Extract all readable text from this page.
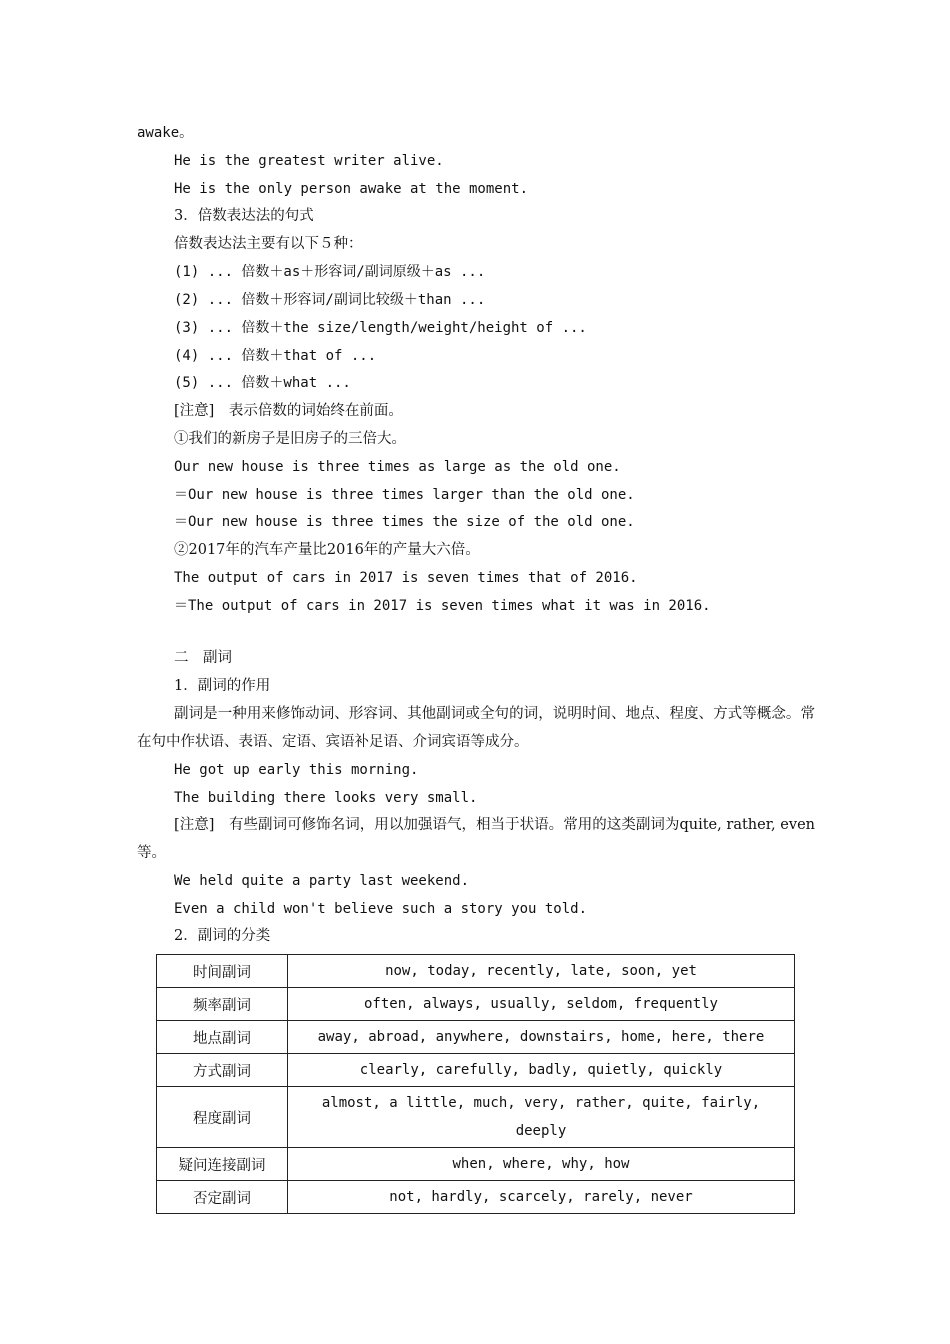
awake。
He is the greatest writer alive.
He is the only person awake at the moment.
3．倍数表达法的句式
倍数表达法主要有以下５种：
(1) ... 倍数＋as＋形容词/副词原级＋as ...
(2) ... 倍数＋形容词/副词比较级＋than ...
(3) ... 倍数＋the size/length/weight/height of ...
(4) ... 倍数＋that of ...
(5) ... 倍数＋what ...
[注意]　表示倍数的词始终在前面。
①我们的新房子是旧房子的三倍大。
Our new house is three times as large as the old one.
＝Our new house is three times larger than the old one.
＝Our new house is three times the size of the old one.
②2017年的汽车产量比2016年的产量大六倍。
The output of cars in 2017 is seven times that of 2016.
＝The output of cars in 2017 is seven times what it was in 2016.
二　副词
1．副词的作用
副词是一种用来修饰动词、形容词、其他副词或全句的词，说明时间、地点、程度、方式等概念。常在句中作状语、表语、定语、宾语补足语、介词宾语等成分。
He got up early this morning.
The building there looks very small.
[注意]　有些副词可修饰名词，用以加强语气，相当于状语。常用的这类副词为quite, rather, even等。
We held quite a party last weekend.
Even a child won't believe such a story you told.
2．副词的分类
时间副词	now, today, recently, late, soon, yet
频率副词	often, always, usually, seldom, frequently
地点副词	away, abroad, anywhere, downstairs, home, here, there
方式副词	clearly, carefully, badly, quietly, quickly
程度副词	almost, a little, much, very, rather, quite, fairly, deeply
疑问连接副词	when, where, why, how
否定副词	not, hardly, scarcely, rarely, never
